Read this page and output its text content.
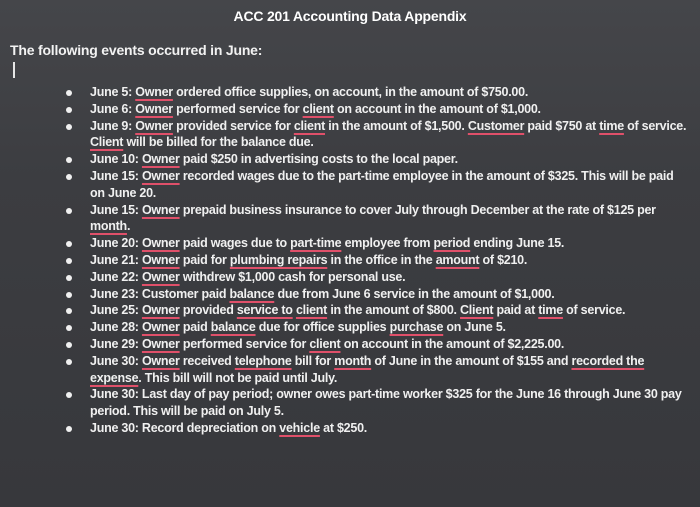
ACC 201 Accounting Data Appendix
The following events occurred in June:
June 5: Owner ordered office supplies, on account, in the amount of $750.00.
June 6: Owner performed service for client on account in the amount of $1,000.
June 9: Owner provided service for client in the amount of $1,500. Customer paid $750 at time of service. Client will be billed for the balance due.
June 10: Owner paid $250 in advertising costs to the local paper.
June 15: Owner recorded wages due to the part-time employee in the amount of $325. This will be paid on June 20.
June 15: Owner prepaid business insurance to cover July through December at the rate of $125 per month.
June 20: Owner paid wages due to part-time employee from period ending June 15.
June 21: Owner paid for plumbing repairs in the office in the amount of $210.
June 22: Owner withdrew $1,000 cash for personal use.
June 23: Customer paid balance due from June 6 service in the amount of $1,000.
June 25: Owner provided service to client in the amount of $800. Client paid at time of service.
June 28: Owner paid balance due for office supplies purchase on June 5.
June 29: Owner performed service for client on account in the amount of $2,225.00.
June 30: Owner received telephone bill for month of June in the amount of $155 and recorded the expense. This bill will not be paid until July.
June 30: Last day of pay period; owner owes part-time worker $325 for the June 16 through June 30 pay period. This will be paid on July 5.
June 30: Record depreciation on vehicle at $250.
